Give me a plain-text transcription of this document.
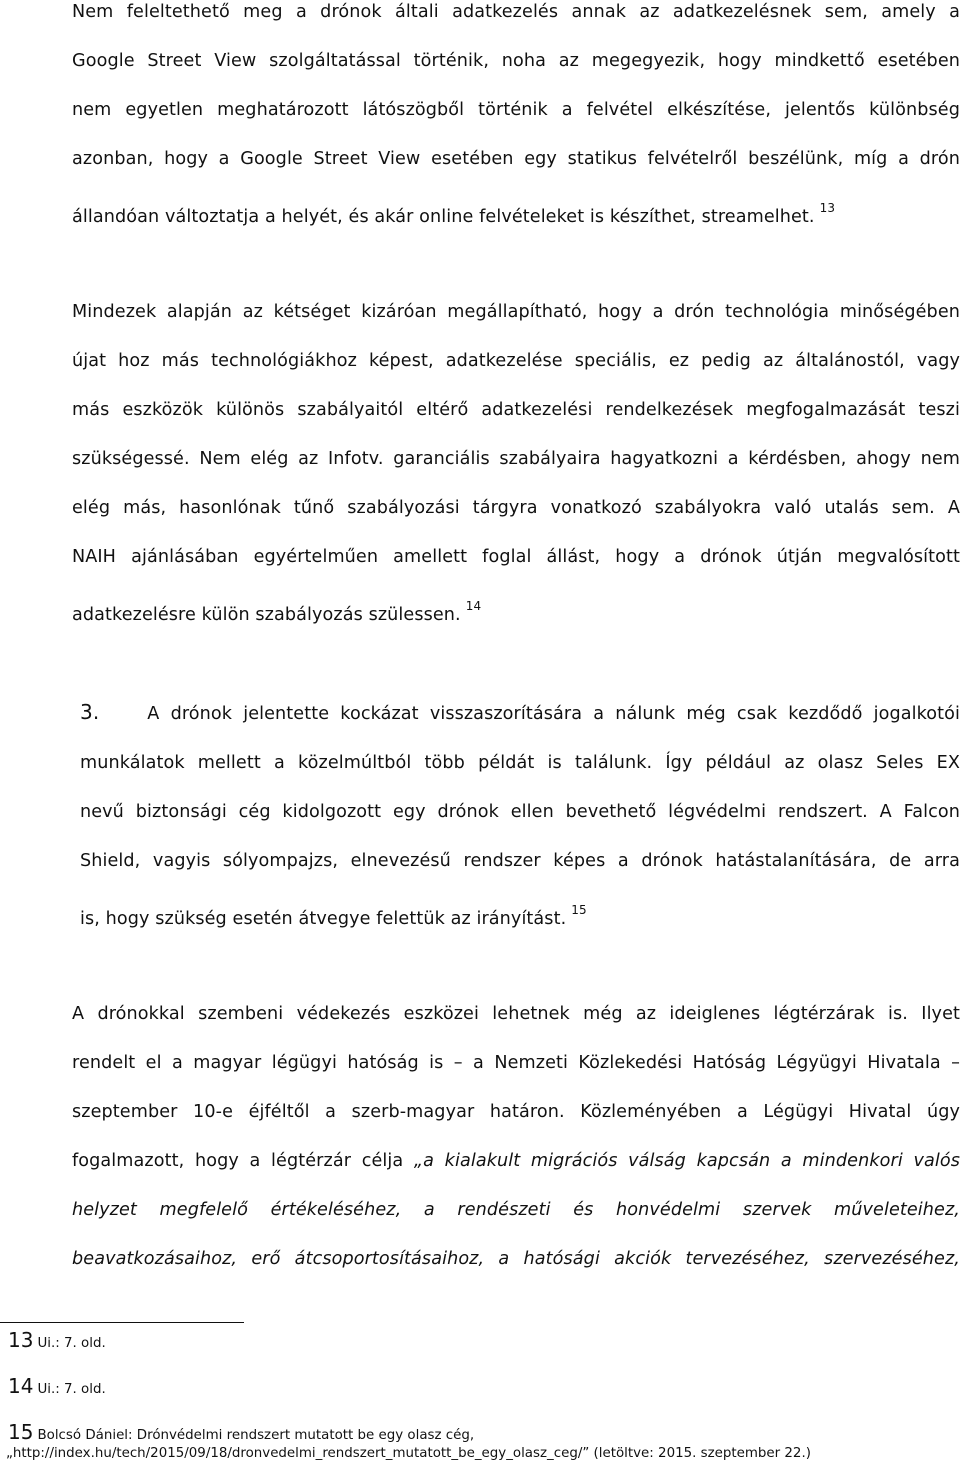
Nem feleltethető meg a drónok általi adatkezelés annak az adatkezelésnek sem, amely a
Google Street View szolgáltatással történik, noha az megegyezik, hogy mindkettő esetében
nem egyetlen meghatározott látószögből történik a felvétel elkészítése, jelentős különbség
azonban, hogy a Google Street View esetében egy statikus felvételről beszélünk, míg a drón
állandóan változtatja a helyét, és akár online felvételeket is készíthet, streamelhet. $^{13}$
Mindezek alapján az kétséget kizáróan megállapítható, hogy a drón technológia minőségében
újat hoz más technológiákhoz képest, adatkezelése speciális, ez pedig az általánostól, vagy
más eszközök különös szabályaitól eltérő adatkezelési rendelkezések megfogalmazását teszi
szükségessé. Nem elég az Infotv. garanciális szabályaira hagyatkozni a kérdésben, ahogy nem
elég más, hasonlónak tűnő szabályozási tárgyra vonatkozó szabályokra való utalás sem. A
NAIH ajánlásában egyértelműen amellett foglal állást, hogy a drónok útján megvalósított
adatkezelésre külön szabályozás szülessen. $^{14}$
3.	A drónok jelentette kockázat visszaszorítására a nálunk még csak kezdődő jogalkotói
munkálatok mellett a közelmúltból több példát is találunk. Így például az olasz Seles EX
nevű biztonsági cég kidolgozott egy drónok ellen bevethető légvédelmi rendszert. A Falcon
Shield, vagyis sólyompajzs, elnevezésű rendszer képes a drónok hatástalanítására, de arra
is, hogy szükség esetén átvegye felettük az irányítást. $^{15}$
A drónokkal szembeni védekezés eszközei lehetnek még az ideiglenes légtérzárak is. Ilyet
rendelt el a magyar légügyi hatóság is – a Nemzeti Közlekedési Hatóság Légyügyi Hivatala –
szeptember 10-e éjféltől a szerb-magyar határon. Közleményében a Légügyi Hivatal úgy
fogalmazott, hogy a légtérzár célja „a kialakult migrációs válság kapcsán a mindenkori valós
helyzet megfelelő értékeléséhez, a rendészeti és honvédelmi szervek műveleteihez,
beavatkozásaihoz, erő átcsoportosításaihoz, a hatósági akciók tervezéséhez, szervezéséhez,
13 Ui.: 7. old.
14 Ui.: 7. old.
15 Bolcsó Dániel: Drónvédelmi rendszert mutatott be egy olasz cég,
„http://index.hu/tech/2015/09/18/dronvedelmi_rendszert_mutatott_be_egy_olasz_ceg/” (letöltve: 2015. szeptember 22.)
